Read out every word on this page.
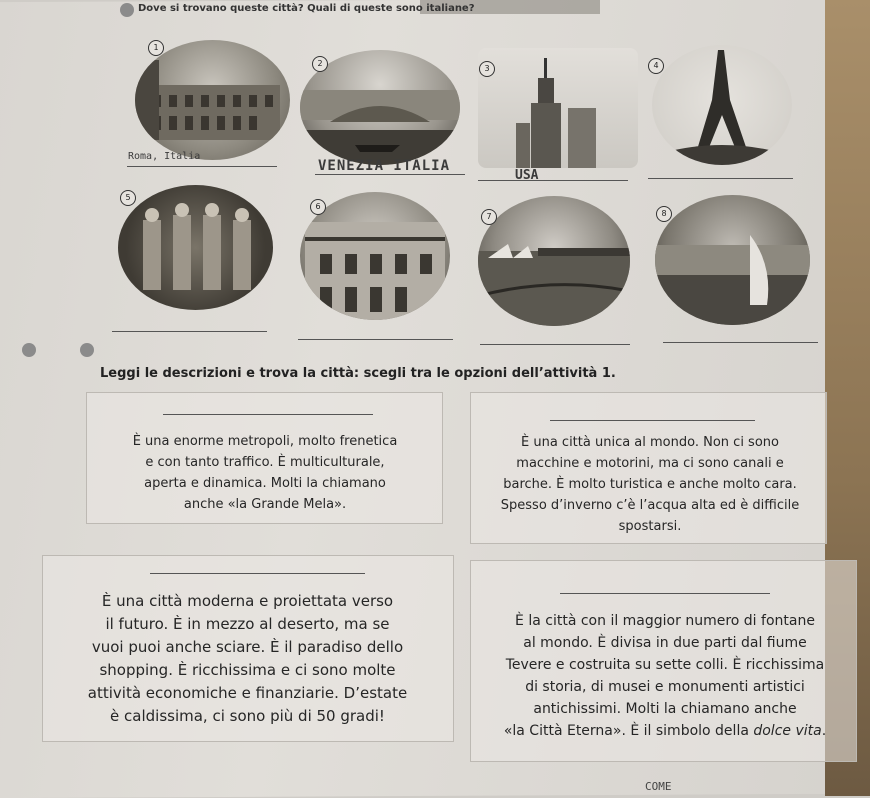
Dove si trovano queste città? Quali di queste sono italiane?
1
2
3	4
Roma, Italia
VENEZIA ITALIA
USA
5
6
7	8
Leggi le descrizioni e trova la città: scegli tra le opzioni dell’attività 1.
È una enorme metropoli, molto frenetica
e con tanto traffico. È multiculturale,
aperta e dinamica. Molti la chiamano
anche «la Grande Mela».
È una città unica al mondo. Non ci sono
macchine e motorini, ma ci sono canali e
barche. È molto turistica e anche molto cara.
Spesso d’inverno c’è l’acqua alta ed è difficile
spostarsi.
È una città moderna e proiettata verso
il futuro. È in mezzo al deserto, ma se
vuoi puoi anche sciare. È il paradiso dello
shopping. È ricchissima e ci sono molte
attività economiche e finanziarie. D’estate
è caldissima, ci sono più di 50 gradi!
È la città con il maggior numero di fontane
al mondo. È divisa in due parti dal fiume
Tevere e costruita su sette colli. È ricchissima
di storia, di musei e monumenti artistici
antichissimi. Molti la chiamano anche
«la Città Eterna». È il simbolo della dolce vita.
COME
